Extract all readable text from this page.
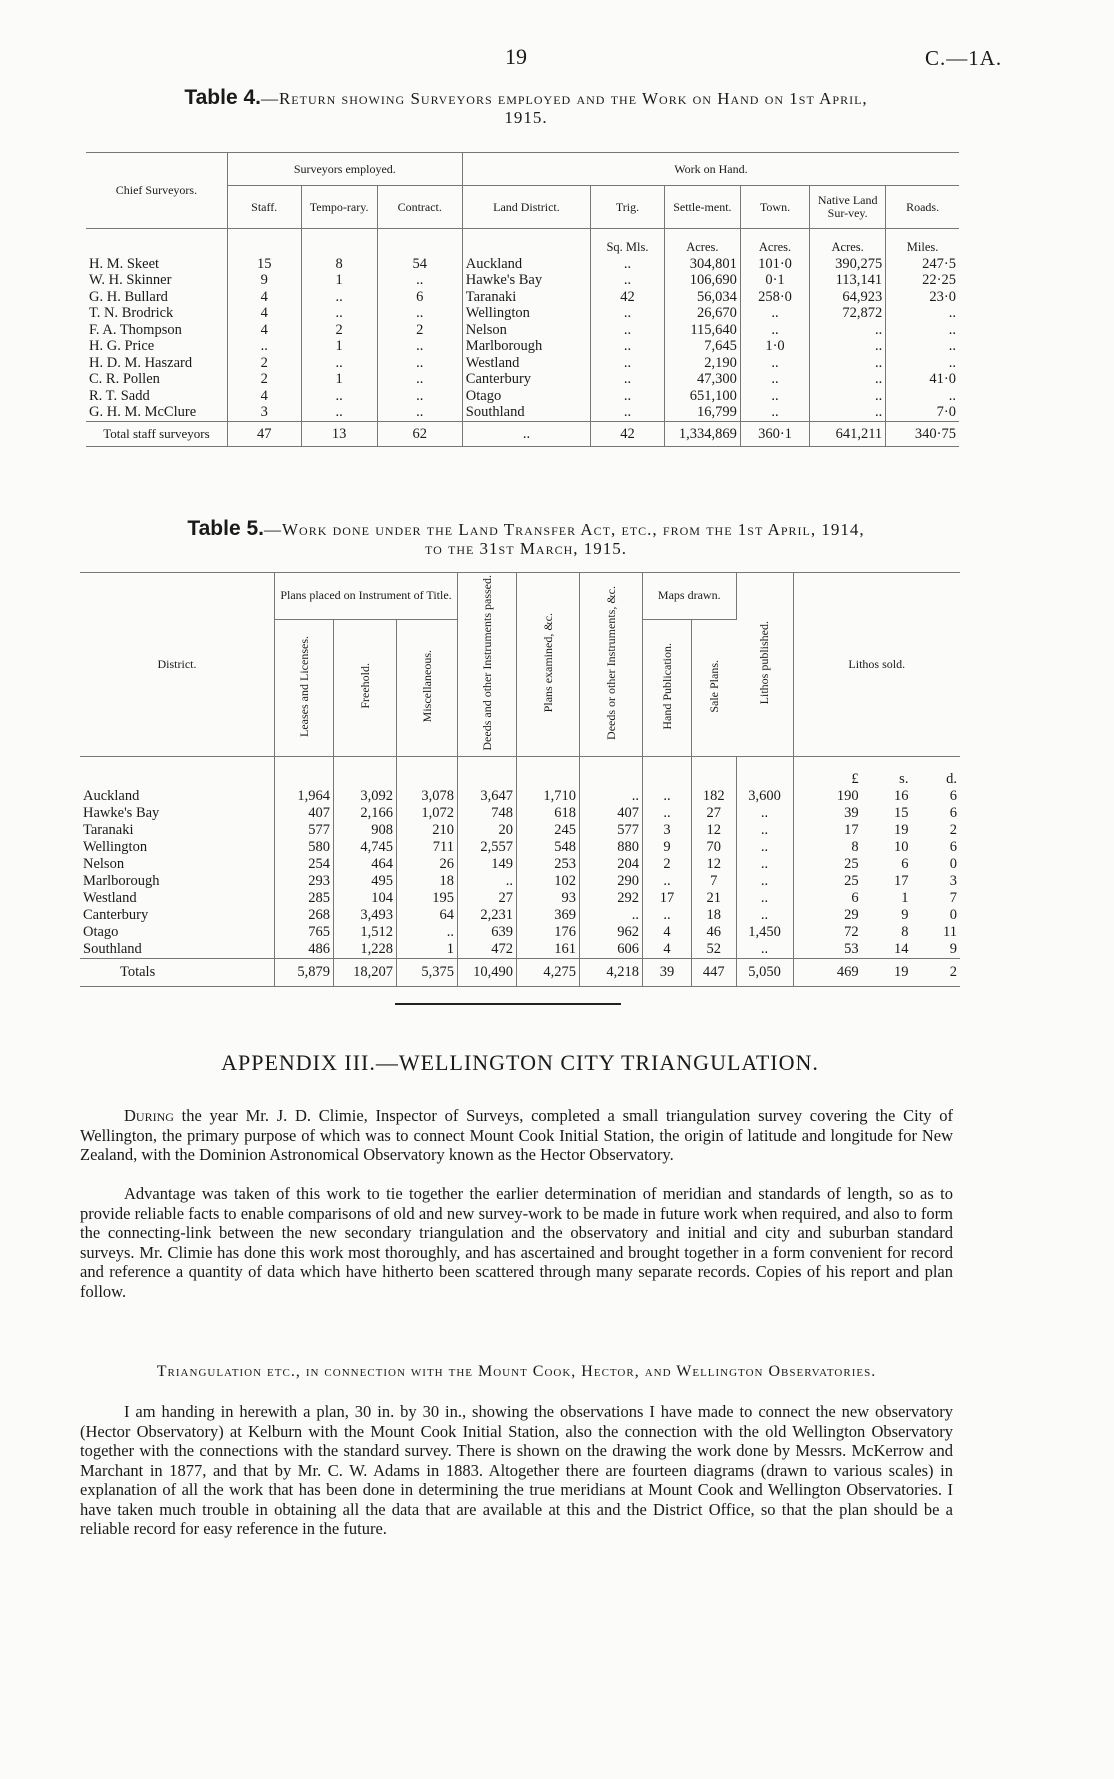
19	C.—1A.
Table 4.—Return showing Surveyors employed and the Work on Hand on 1st April,
1915.
Chief Surveyors.	Surveyors employed.			Work on Hand.					
	Staff.	Tempo-rary.	Contract.	Land District.	Trig.	Settle-ment.	Town.	Native Land Sur-vey.	Roads.
					Sq. Mls.	Acres.	Acres.	Acres.	Miles.
H. M. Skeet	15	8	54	Auckland	..	304,801	101·0	390,275	247·5
W. H. Skinner	9	1	..	Hawke's Bay	..	106,690	0·1	113,141	22·25
G. H. Bullard	4	..	6	Taranaki	42	56,034	258·0	64,923	23·0
T. N. Brodrick	4	..	..	Wellington	..	26,670	..	72,872	..
F. A. Thompson	4	2	2	Nelson	..	115,640	..	..	..
H. G. Price	..	1	..	Marlborough	..	7,645	1·0	..	..
H. D. M. Haszard	2	..	..	Westland	..	2,190	..	..	..
C. R. Pollen	2	1	..	Canterbury	..	47,300	..	..	41·0
R. T. Sadd	4	..	..	Otago	..	651,100	..	..	..
G. H. M. McClure	3	..	..	Southland	..	16,799	..	..	7·0
Total staff surveyors	47	13	62	..	42	1,334,869	360·1	641,211	340·75
Table 5.—Work done under the Land Transfer Act, etc., from the 1st April, 1914,
to the 31st March, 1915.
District.	Plans placed on Instrument of Title.			Deeds and other Instruments passed.	Plans examined, &c.	Deeds or other Instruments, &c.	Maps drawn.		Lithos published.	Lithos sold.		
	Leases and Licenses.	Freehold.	Miscellaneous.				Hand Publication.	Sale Plans.				
										£	s.	d.
Auckland	1,964	3,092	3,078	3,647	1,710	..	..	182	3,600	190	16	6
Hawke's Bay	407	2,166	1,072	748	618	407	..	27	..	39	15	6
Taranaki	577	908	210	20	245	577	3	12	..	17	19	2
Wellington	580	4,745	711	2,557	548	880	9	70	..	8	10	6
Nelson	254	464	26	149	253	204	2	12	..	25	6	0
Marlborough	293	495	18	..	102	290	..	7	..	25	17	3
Westland	285	104	195	27	93	292	17	21	..	6	1	7
Canterbury	268	3,493	64	2,231	369	..	..	18	..	29	9	0
Otago	765	1,512	..	639	176	962	4	46	1,450	72	8	11
Southland	486	1,228	1	472	161	606	4	52	..	53	14	9
Totals	5,879	18,207	5,375	10,490	4,275	4,218	39	447	5,050	469	19	2
APPENDIX III.—WELLINGTON CITY TRIANGULATION.
During the year Mr. J. D. Climie, Inspector of Surveys, completed a small triangulation survey covering the City of Wellington, the primary purpose of which was to connect Mount Cook Initial Station, the origin of latitude and longitude for New Zealand, with the Dominion Astronomical Observatory known as the Hector Observatory.
Advantage was taken of this work to tie together the earlier determination of meridian and standards of length, so as to provide reliable facts to enable comparisons of old and new survey-work to be made in future work when required, and also to form the connecting-link between the new secondary triangulation and the observatory and initial and city and suburban standard surveys. Mr. Climie has done this work most thoroughly, and has ascertained and brought together in a form convenient for record and reference a quantity of data which have hitherto been scattered through many separate records. Copies of his report and plan follow.
Triangulation etc., in connection with the Mount Cook, Hector, and Wellington Observatories.
I am handing in herewith a plan, 30 in. by 30 in., showing the observations I have made to connect the new observatory (Hector Observatory) at Kelburn with the Mount Cook Initial Station, also the connection with the old Wellington Observatory together with the connections with the standard survey. There is shown on the drawing the work done by Messrs. McKerrow and Marchant in 1877, and that by Mr. C. W. Adams in 1883. Altogether there are fourteen diagrams (drawn to various scales) in explanation of all the work that has been done in determining the true meridians at Mount Cook and Wellington Observatories. I have taken much trouble in obtaining all the data that are available at this and the District Office, so that the plan should be a reliable record for easy reference in the future.
